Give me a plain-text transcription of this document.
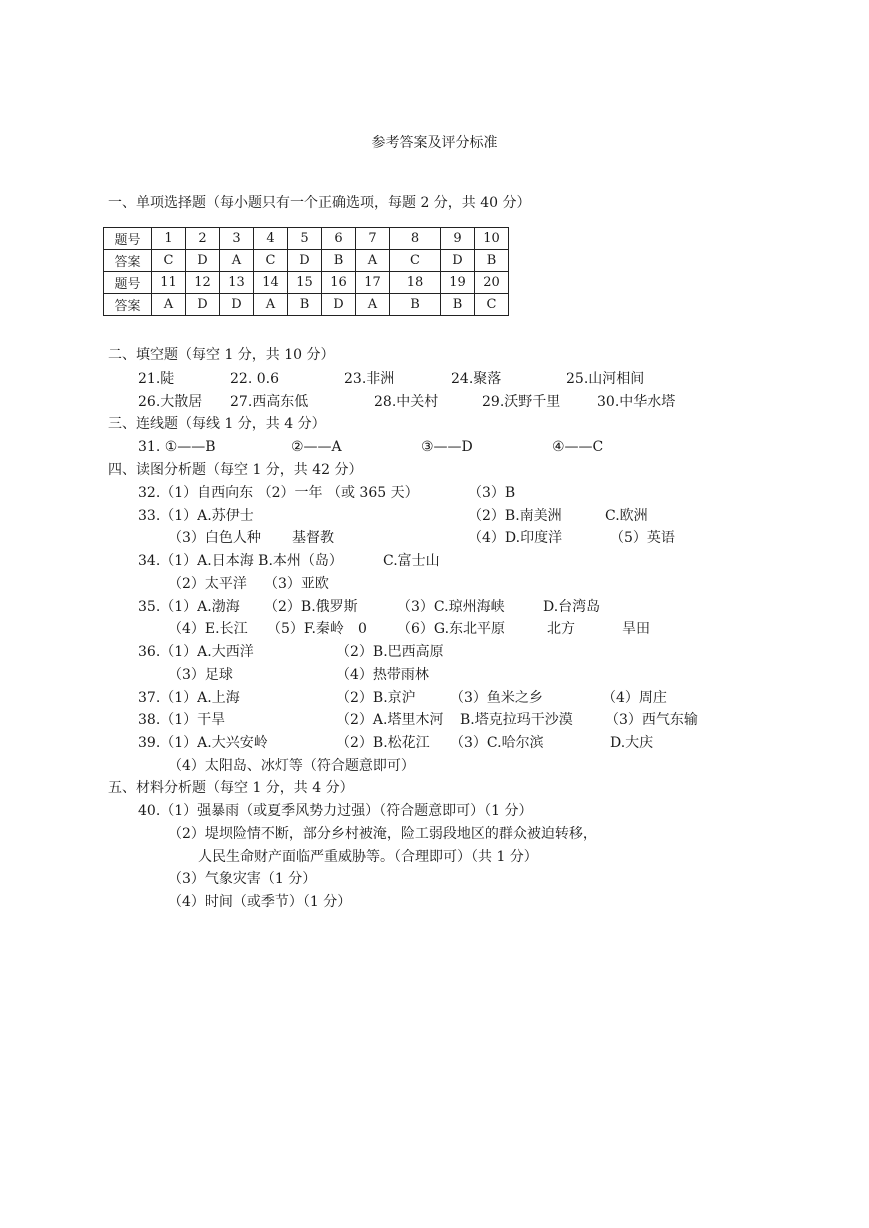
参考答案及评分标准
一、单项选择题（每小题只有一个正确选项，每题 2 分，共 40 分）
题号	1	2	3	4	5	6	7	8	9	10
答案	C	D	A	C	D	B	A	C	D	B
题号	11	12	13	14	15	16	17	18	19	20
答案	A	D	D	A	B	D	A	B	B	C
二、填空题（每空 1 分，共 10 分）
21.陡	22. 0.6	23.非洲	24.聚落	25.山河相间
26.大散居 27.西高东低	28.中关村	29.沃野千里	30.中华水塔
三、连线题（每线 1 分，共 4 分）
31. ①——B	②——A	③——D	④——C
四、读图分析题（每空 1 分，共 42 分）
32.（1）自西向东 （2）一年 （或 365 天）	（3）B
33.（1）A.苏伊士	（2）B.南美洲	C.欧洲
（3）白色人种 基督教	（4）D.印度洋	（5）英语
34.（1）A.日本海 B.本州（岛）	C.富士山
（2）太平洋 （3）亚欧
35.（1）A.渤海 （2）B.俄罗斯	（3）C.琼州海峡	D.台湾岛
（4）E.长江 （5）F.秦岭 0 （6）G.东北平原	北方	旱田
36.（1）A.大西洋	（2）B.巴西高原
（3）足球	（4）热带雨林
37.（1）A.上海	（2）B.京沪 （3）鱼米之乡	（4）周庄
38.（1）干旱	（2）A.塔里木河 B.塔克拉玛干沙漠 （3）西气东输
39.（1）A.大兴安岭	（2）B.松花江 （3）C.哈尔滨	D.大庆
（4）太阳岛、冰灯等（符合题意即可）
五、材料分析题（每空 1 分，共 4 分）
40.（1）强暴雨（或夏季风势力过强）（符合题意即可）（1 分）
（2）堤坝险情不断，部分乡村被淹，险工弱段地区的群众被迫转移，
人民生命财产面临严重威胁等。（合理即可）（共 1 分）
（3）气象灾害（1 分）
（4）时间（或季节）（1 分）
